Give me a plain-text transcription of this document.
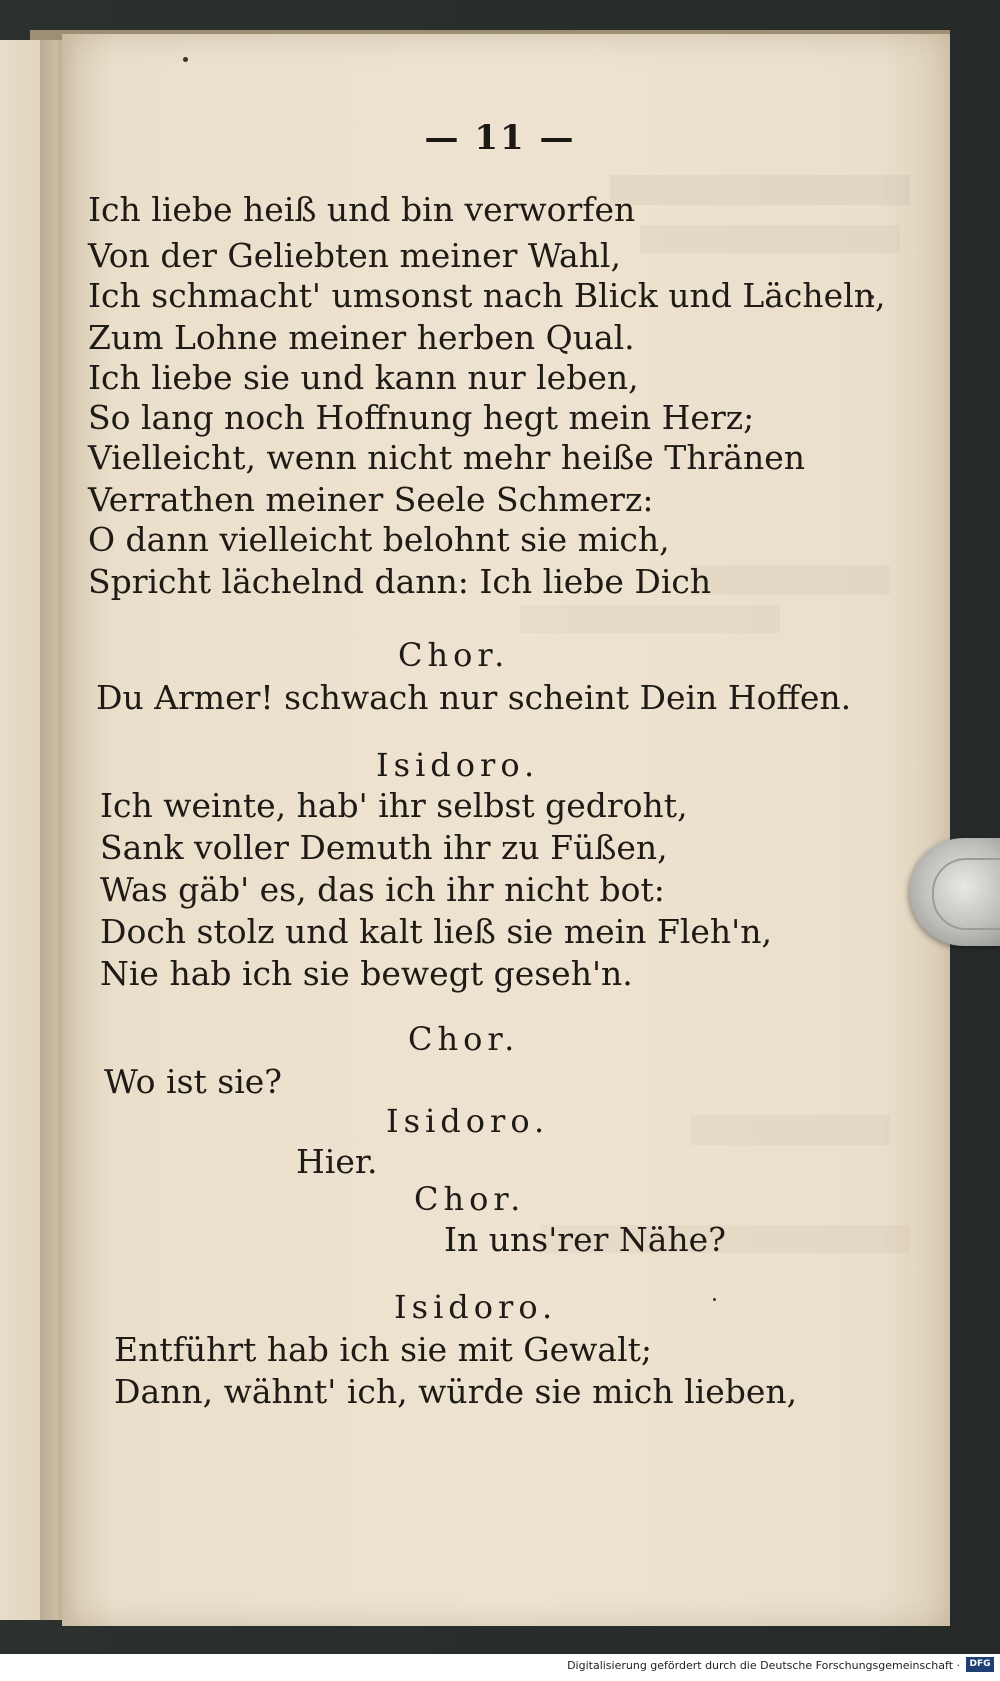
— 11 —
Ich liebe heiß und bin verworfen
Von der Geliebten meiner Wahl,
Ich schmacht' umsonst nach Blick und Lächeln,
Zum Lohne meiner herben Qual.
Ich liebe sie und kann nur leben,
So lang noch Hoffnung hegt mein Herz;
Vielleicht, wenn nicht mehr heiße Thränen
Verrathen meiner Seele Schmerz:
O dann vielleicht belohnt sie mich,
Spricht lächelnd dann: Ich liebe Dich
Chor.
Du Armer! schwach nur scheint Dein Hoffen.
Isidoro.
Ich weinte, hab' ihr selbst gedroht,
Sank voller Demuth ihr zu Füßen,
Was gäb' es, das ich ihr nicht bot:
Doch stolz und kalt ließ sie mein Fleh'n,
Nie hab ich sie bewegt geseh'n.
Chor.
Wo ist sie?
Isidoro.
Hier.
Chor.
In uns'rer Nähe?
Isidoro.
Entführt hab ich sie mit Gewalt;
Dann, wähnt' ich, würde sie mich lieben,
Digitalisierung gefördert durch die Deutsche Forschungsgemeinschaft ·	DFG
